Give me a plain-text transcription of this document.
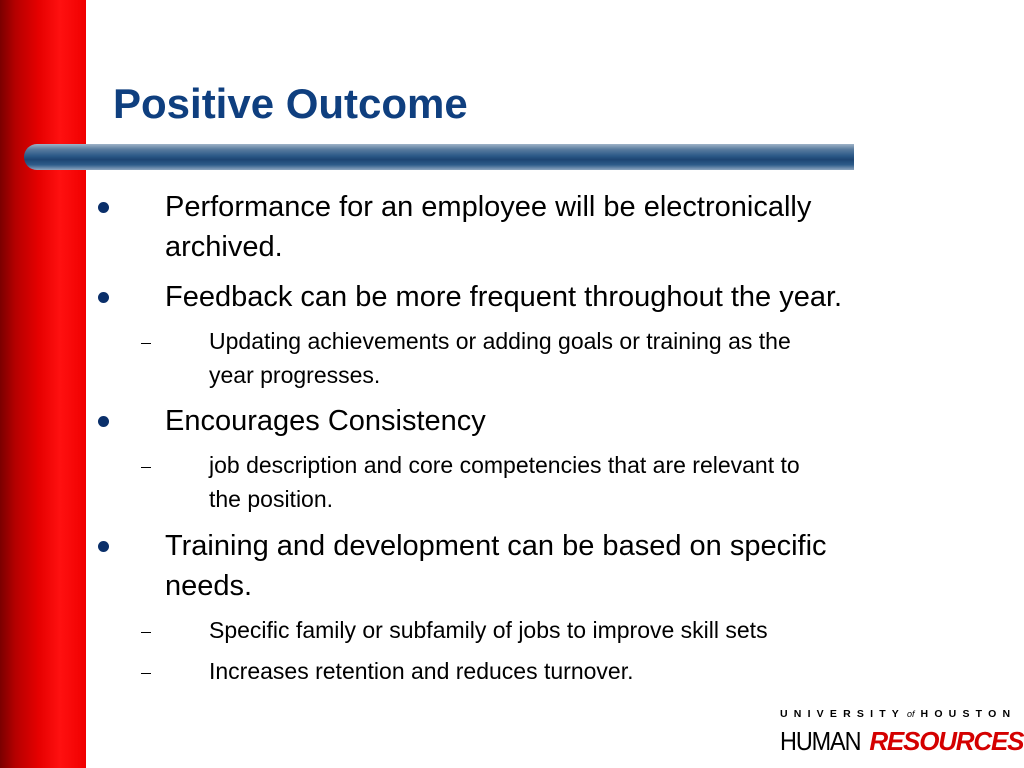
Positive Outcome
Performance for an employee will be electronically
archived.
Feedback can be more frequent throughout the year.
Updating achievements or adding goals or training as the
year progresses.
Encourages Consistency
job description and core competencies that are relevant to
the position.
Training and development can be based on specific
needs.
Specific family or subfamily of jobs to improve skill sets
Increases retention and reduces turnover.
UNIVERSITY of HOUSTON
HUMAN RESOURCES
